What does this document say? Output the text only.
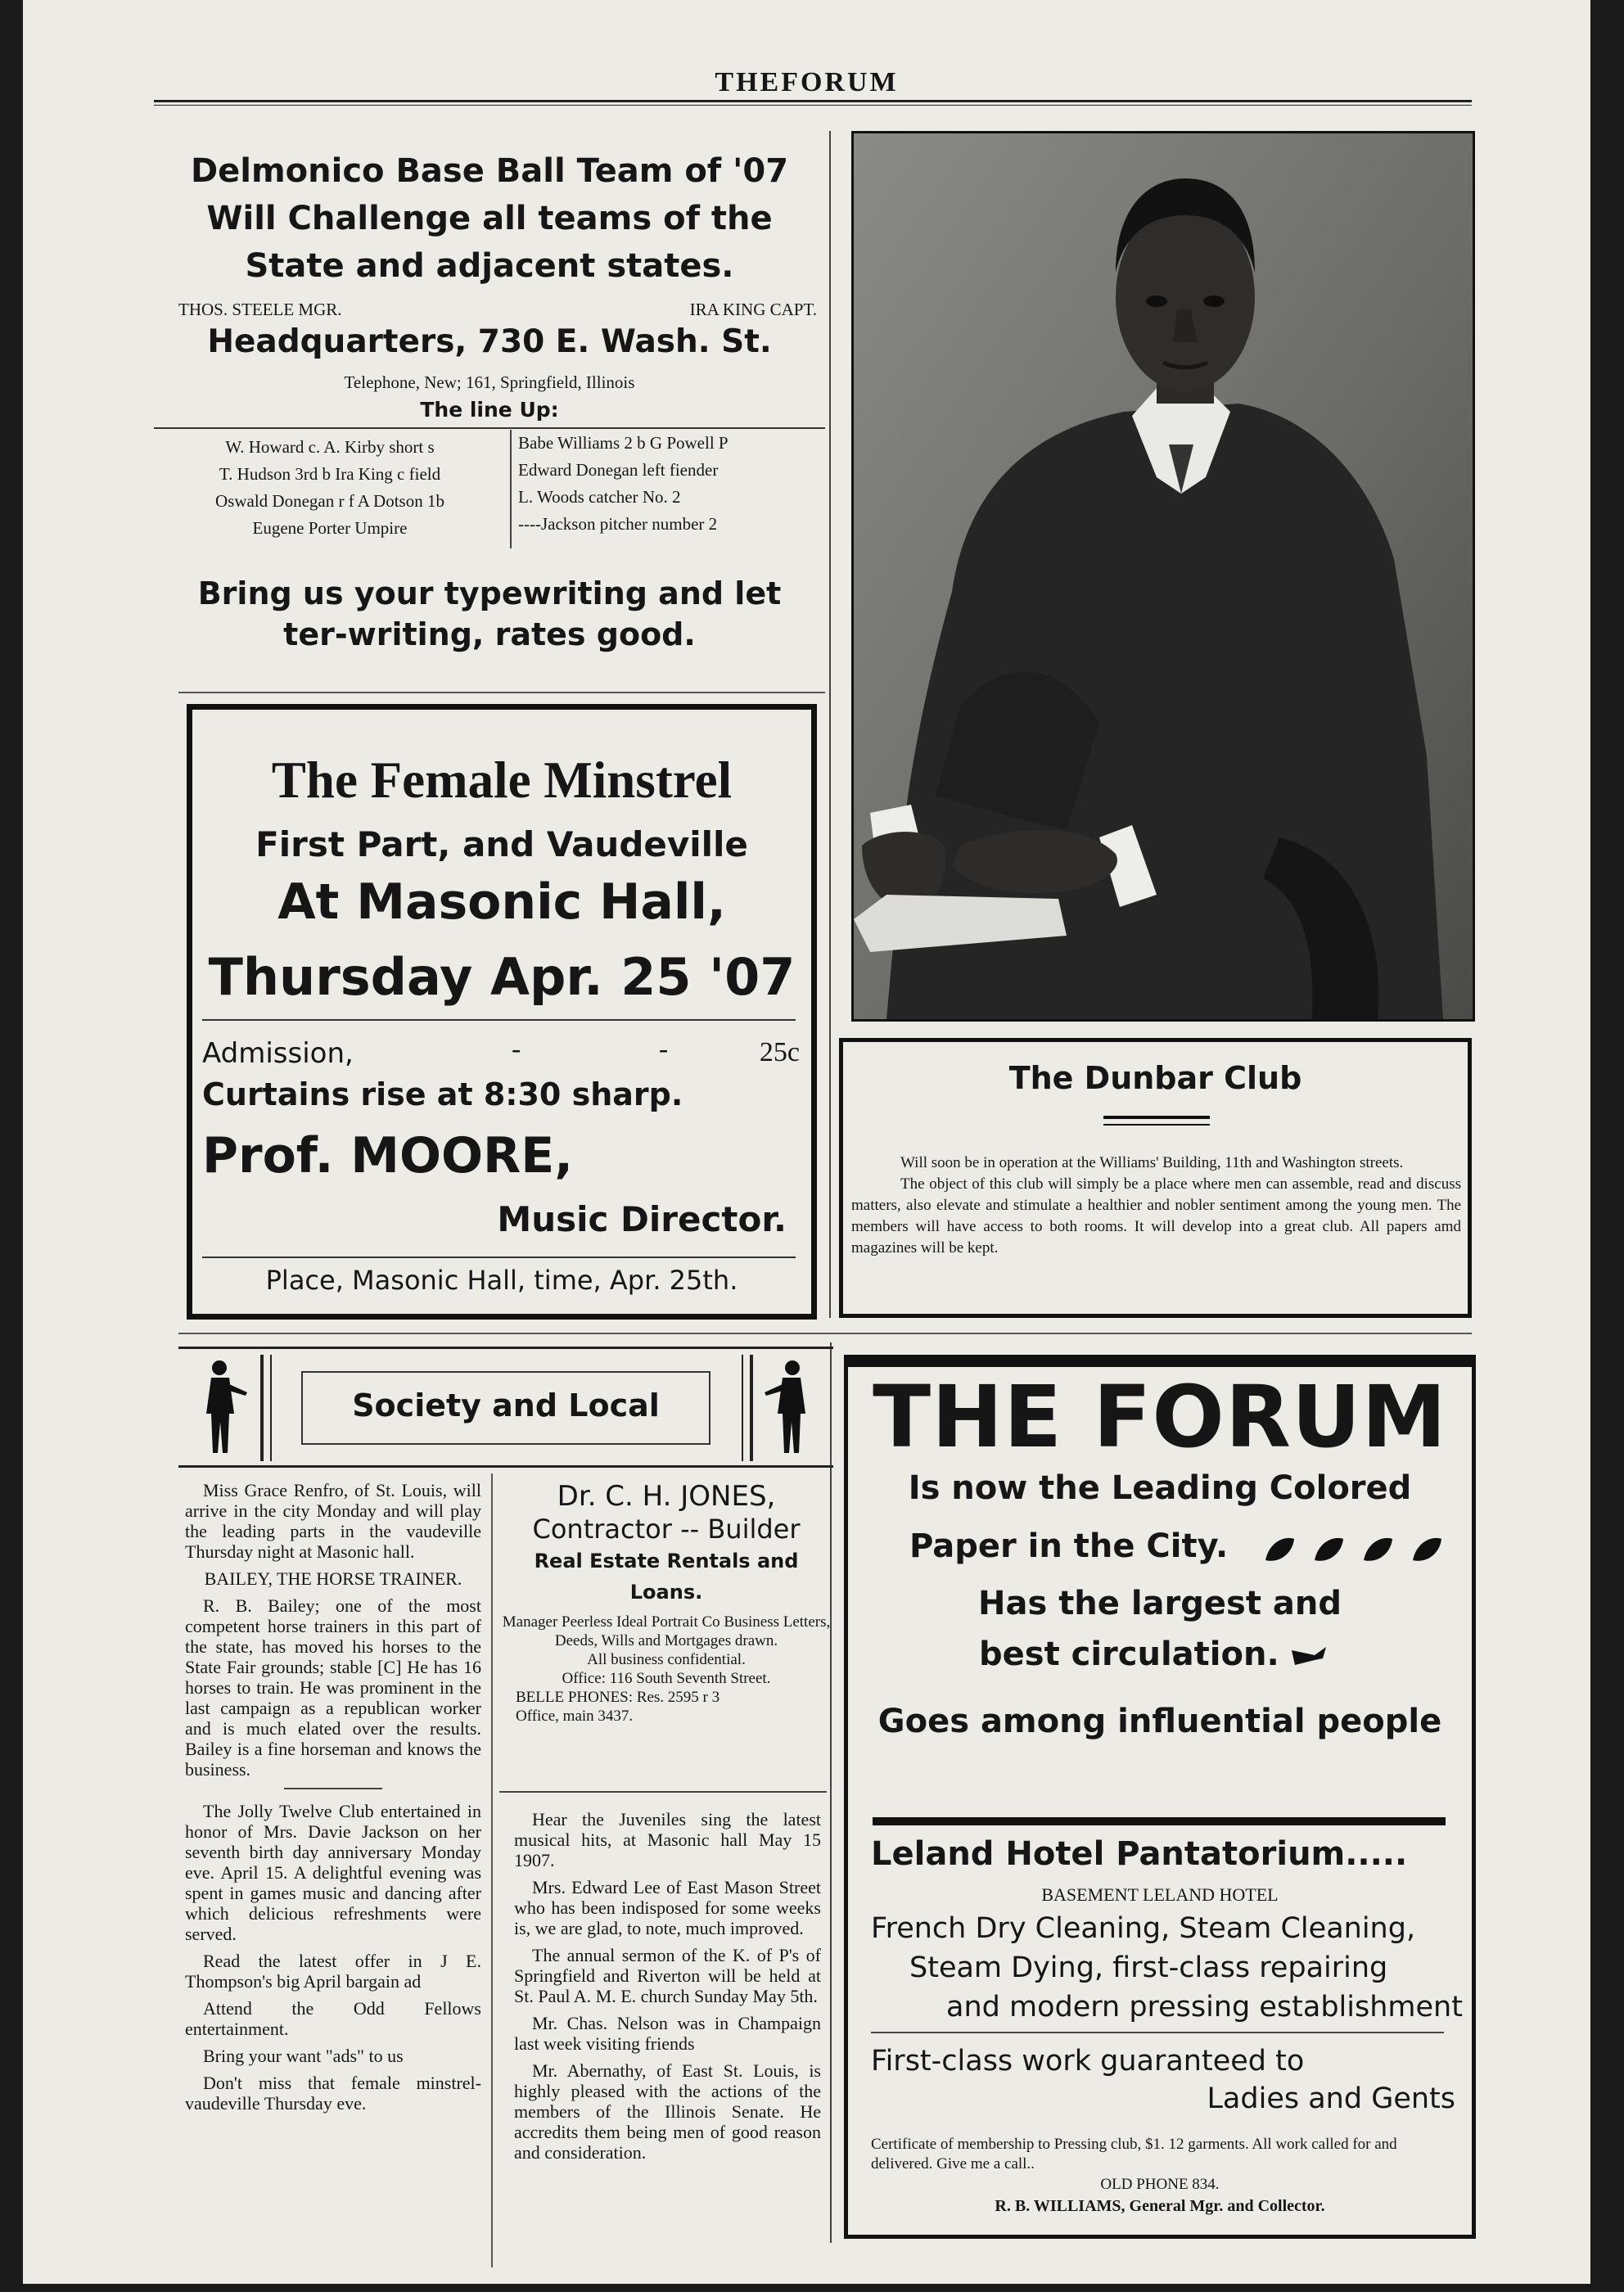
THEFORUM
Delmonico Base Ball Team of '07
Will Challenge all teams of the
State and adjacent states.
THOS. STEELE MGR.	IRA KING CAPT.
Headquarters, 730 E. Wash. St.
Telephone, New; 161, Springfield, Illinois
The line Up:
W. Howard c. A. Kirby short s
T. Hudson 3rd b Ira King c field
Oswald Donegan r f A Dotson 1b
Eugene Porter Umpire
Babe Williams 2 b G Powell P
Edward Donegan left fiender
L. Woods catcher No. 2
----Jackson pitcher number 2
Bring us your typewriting and let
ter-writing, rates good.
The Female Minstrel
First Part, and Vaudeville
At Masonic Hall,
Thursday Apr. 25 '07
Admission,	- - 25c
Curtains rise at 8:30 sharp.
Prof. MOORE,
Music Director.
Place, Masonic Hall, time, Apr. 25th.
The Dunbar Club
Will soon be in operation at the Williams' Building, 11th and Washington streets.
The object of this club will simply be a place where men can assemble, read and discuss matters, also elevate and stimulate a healthier and nobler sentiment among the young men. The members will have access to both rooms. It will develop into a great club. All papers amd magazines will be kept.
Society and Local

Miss Grace Renfro, of St. Louis, will arrive in the city Monday and will play the leading parts in the vaudeville Thursday night at Masonic hall.

BAILEY, THE HORSE TRAINER.

R. B. Bailey; one of the most competent horse trainers in this part of the state, has moved his horses to the State Fair grounds; stable [C] He has 16 horses to train. He was prominent in the last campaign as a republican worker and is much elated over the results. Bailey is a fine horseman and knows the business.

The Jolly Twelve Club entertained in honor of Mrs. Davie Jackson on her seventh birth day anniversary Monday eve. April 15. A delightful evening was spent in games music and dancing after which delicious refreshments were served.

Read the latest offer in J E. Thompson's big April bargain ad

Attend the Odd Fellows entertainment.

Bring your want "ads" to us

Don't miss that female minstrel-vaudeville Thursday eve.

Dr. C. H. JONES,
Contractor -- Builder
Real Estate Rentals and Loans.
Manager Peerless Ideal Portrait Co Business Letters, Deeds, Wills and Mortgages drawn.
All business confidential.
Office: 116 South Seventh Street.
BELLE PHONES: Res. 2595 r 3
Office, main 3437.

Hear the Juveniles sing the latest musical hits, at Masonic hall May 15 1907.

Mrs. Edward Lee of East Mason Street who has been indisposed for some weeks is, we are glad, to note, much improved.

The annual sermon of the K. of P's of Springfield and Riverton will be held at St. Paul A. M. E. church Sunday May 5th.

Mr. Chas. Nelson was in Champaign last week visiting friends

Mr. Abernathy, of East St. Louis, is highly pleased with the actions of the members of the Illinois Senate. He accredits them being men of good reason and consideration.

THE FORUM
Is now the Leading Colored
Paper in the City.
Has the largest and
best circulation.
Goes among influential people
Leland Hotel Pantatorium.....
BASEMENT LELAND HOTEL
French Dry Cleaning, Steam Cleaning,
Steam Dying, first-class repairing
and modern pressing establishment
First-class work guaranteed to
Ladies and Gents
Certificate of membership to Pressing club, $1. 12 garments. All work called for and delivered. Give me a call..
OLD PHONE 834.
R. B. WILLIAMS, General Mgr. and Collector.
